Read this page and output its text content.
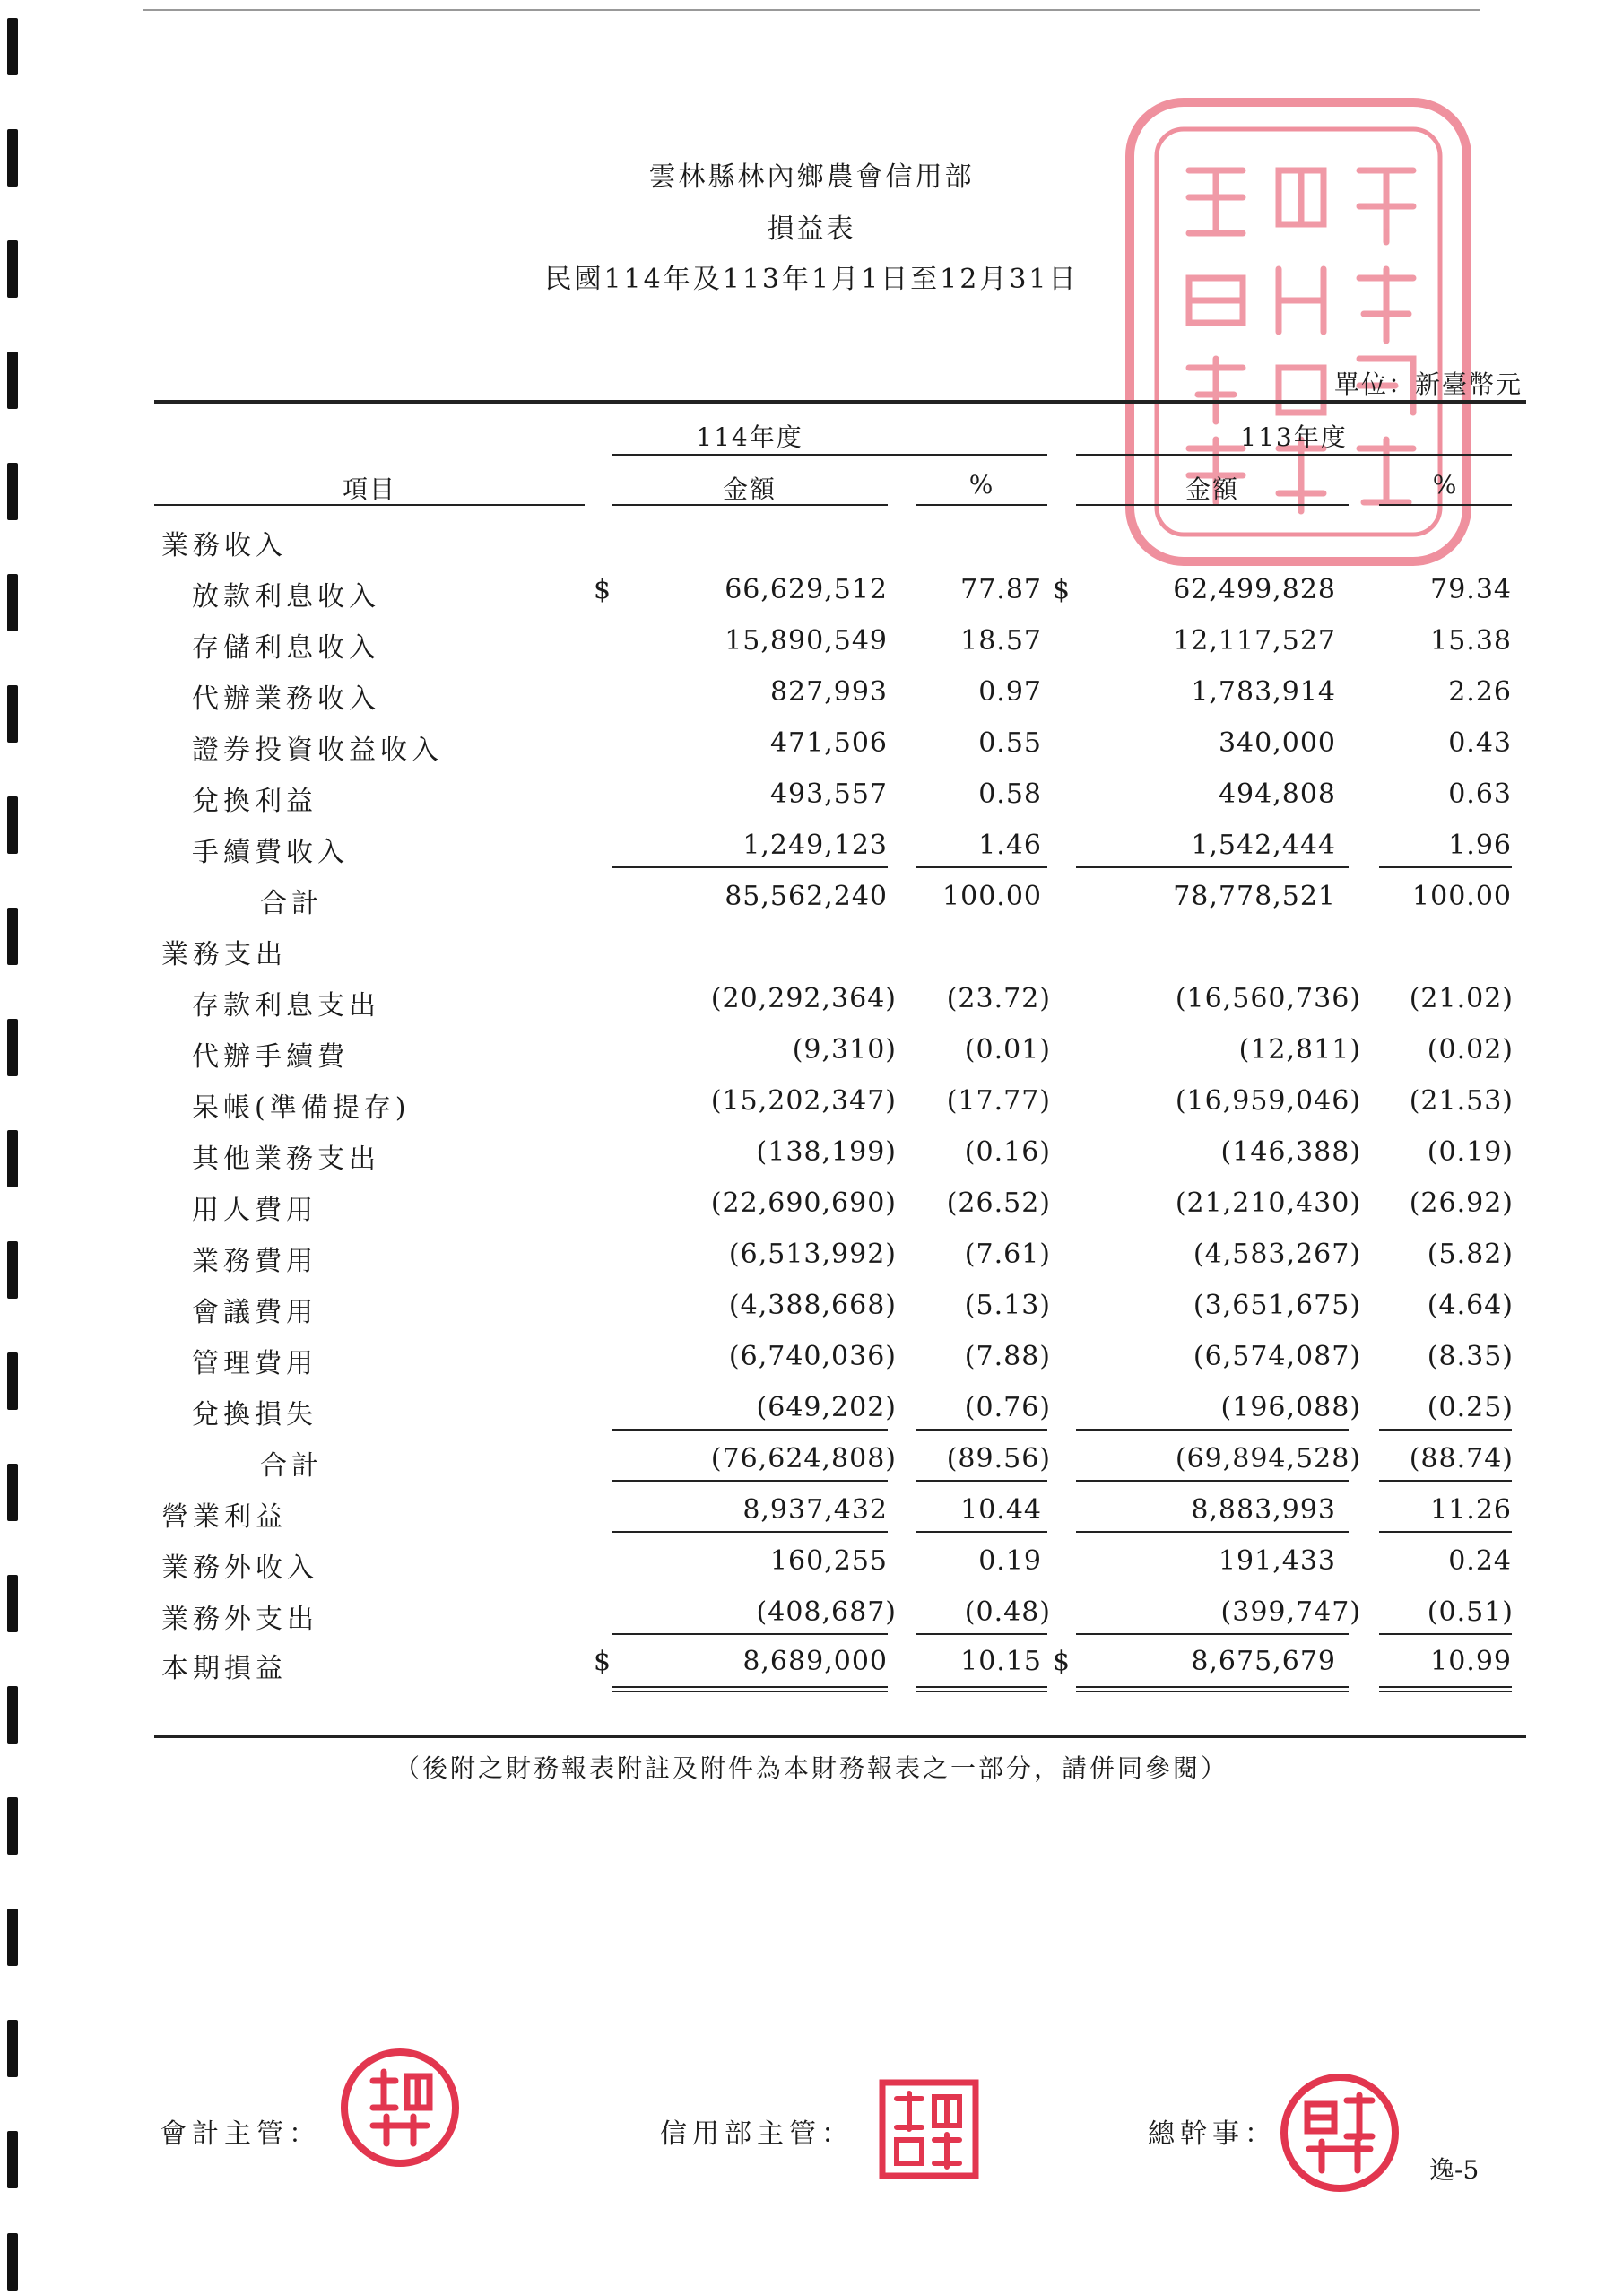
雲林縣林內鄉農會信用部
損益表
民國114年及113年1月1日至12月31日
單位：新臺幣元
114年度	113年度
項目	金額	%	金額	%
業務收入
放款利息收入	$	66,629,512	77.87 $	62,499,828	79.34
存儲利息收入	15,890,549	18.57	12,117,527	15.38
代辦業務收入	827,993	0.97	1,783,914	2.26
證券投資收益收入	471,506	0.55	340,000	0.43
兌換利益	493,557	0.58	494,808	0.63
手續費收入	1,249,123	1.46	1,542,444	1.96
合計	85,562,240	100.00	78,778,521	100.00
業務支出
存款利息支出	(20,292,364)	(23.72)	(16,560,736)	(21.02)
代辦手續費	(9,310)	(0.01)	(12,811)	(0.02)
呆帳(準備提存)	(15,202,347)	(17.77)	(16,959,046)	(21.53)
其他業務支出	(138,199)	(0.16)	(146,388)	(0.19)
用人費用	(22,690,690)	(26.52)	(21,210,430)	(26.92)
業務費用	(6,513,992)	(7.61)	(4,583,267)	(5.82)
會議費用	(4,388,668)	(5.13)	(3,651,675)	(4.64)
管理費用	(6,740,036)	(7.88)	(6,574,087)	(8.35)
兌換損失	(649,202)	(0.76)	(196,088)	(0.25)
合計	(76,624,808)	(89.56)	(69,894,528)	(88.74)
營業利益	8,937,432	10.44	8,883,993	11.26
業務外收入	160,255	0.19	191,433	0.24
業務外支出	(408,687)	(0.48)	(399,747)	(0.51)
本期損益	$	8,689,000	10.15 $	8,675,679	10.99
（後附之財務報表附註及附件為本財務報表之一部分，請併同參閱）
會計主管：	信用部主管：	總幹事：
逸-5
